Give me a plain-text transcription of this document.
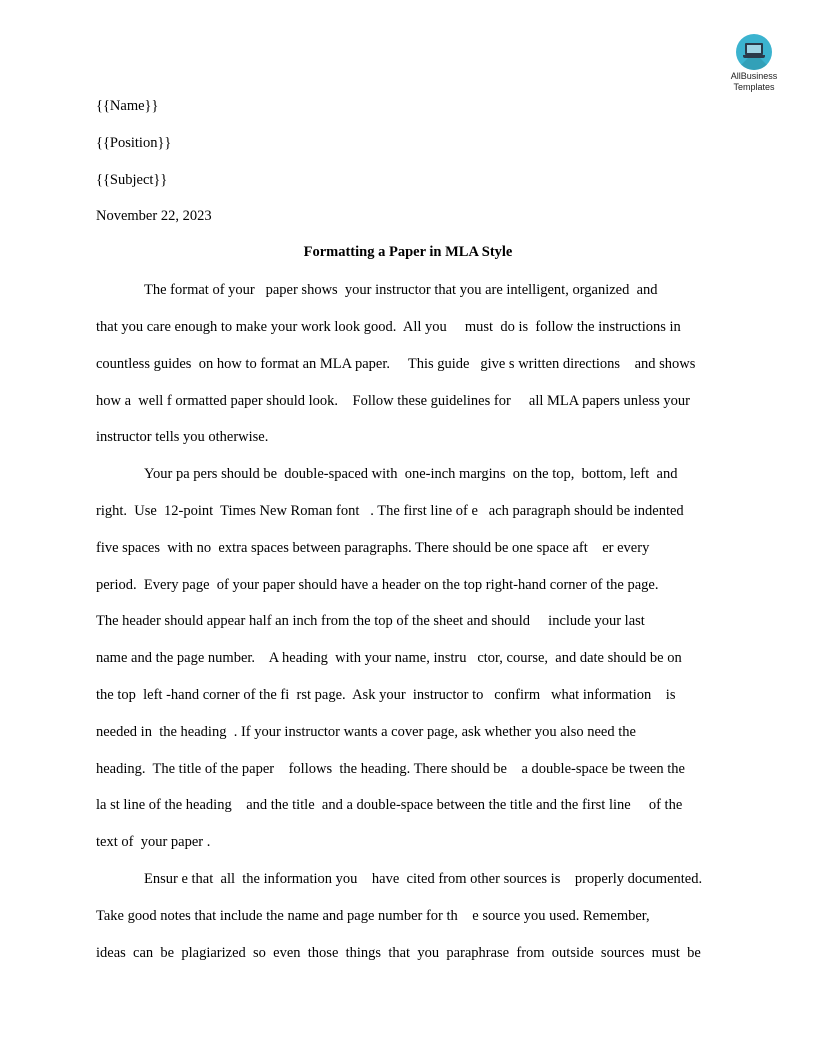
AllBusiness
Templates
{{Name}}
{{Position}}
{{Subject}}
November 22, 2023
Formatting a Paper in MLA Style
The format of your   paper shows  your instructor that you are intelligent, organized  and
that you care enough to make your work look good.  All you     must  do is  follow the instructions in
countless guides  on how to format an MLA paper.     This guide   give s written directions    and shows
how a  well f ormatted paper should look.    Follow these guidelines for     all MLA papers unless your
instructor tells you otherwise.
Your pa pers should be  double-spaced with  one-inch margins  on the top,  bottom, left  and
right.  Use  12-point  Times New Roman font   . The first line of e   ach paragraph should be indented
five spaces  with no  extra spaces between paragraphs. There should be one space aft    er every
period.  Every page  of your paper should have a header on the top right-hand corner of the page.
The header should appear half an inch from the top of the sheet and should     include your last
name and the page number.    A heading  with your name, instru   ctor, course,  and date should be on
the top  left -hand corner of the fi  rst page.  Ask your  instructor to   confirm   what information    is
needed in  the heading  . If your instructor wants a cover page, ask whether you also need the
heading.  The title of the paper    follows  the heading. There should be    a double-space be tween the
la st line of the heading    and the title  and a double-space between the title and the first line     of the
text of  your paper .
Ensur e that  all  the information you    have  cited from other sources is    properly documented.
Take good notes that include the name and page number for th    e source you used. Remember,
ideas  can  be  plagiarized  so  even  those  things  that  you  paraphrase  from  outside  sources  must  be
